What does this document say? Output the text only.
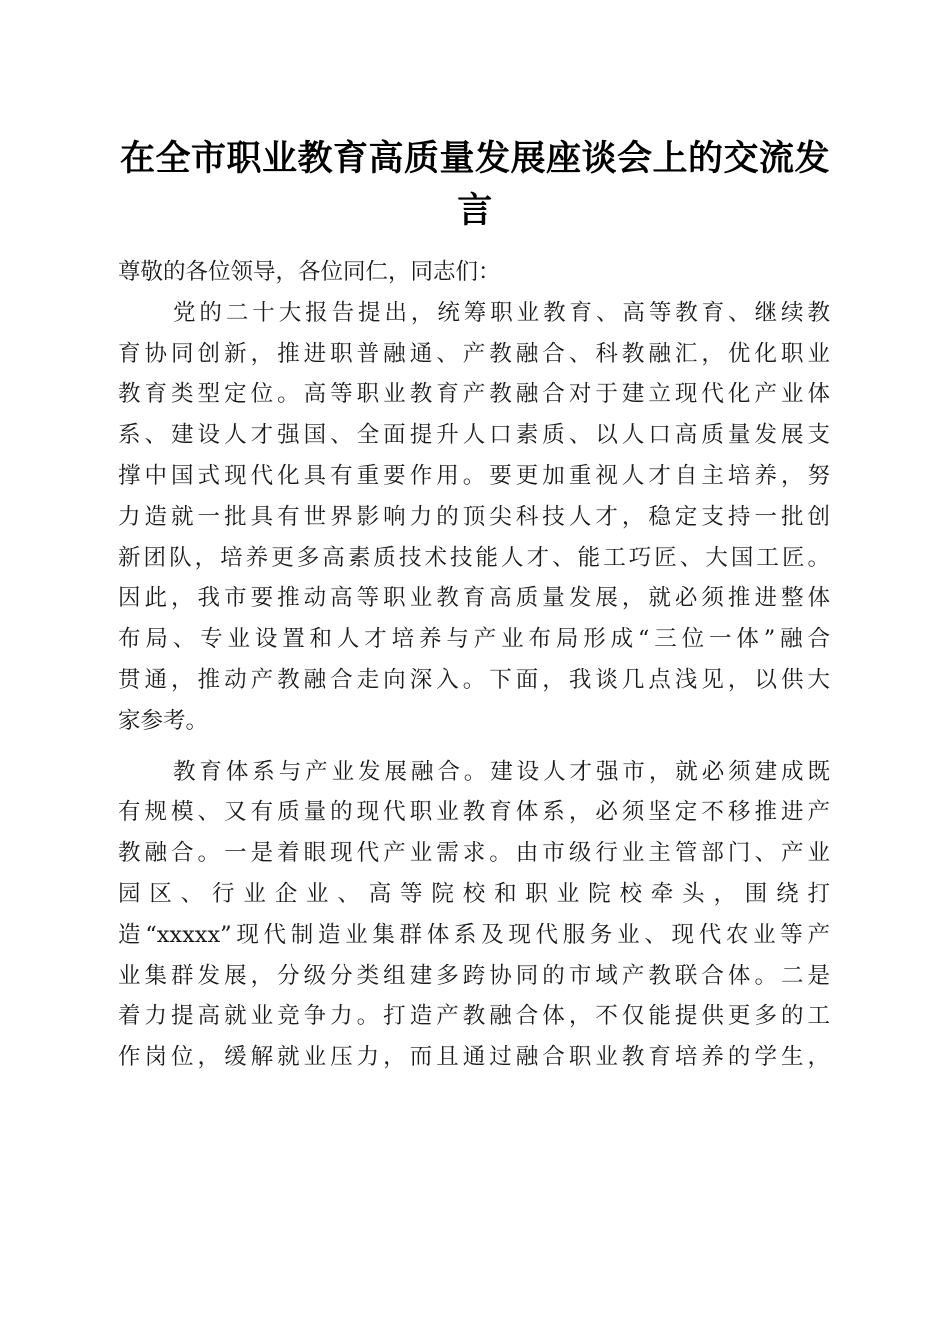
在全市职业教育高质量发展座谈会上的交流发
言
尊敬的各位领导，各位同仁，同志们：
党的二十大报告提出，统筹职业教育、高等教育、继续教
育协同创新，推进职普融通、产教融合、科教融汇，优化职业
教育类型定位。高等职业教育产教融合对于建立现代化产业体
系、建设人才强国、全面提升人口素质、以人口高质量发展支
撑中国式现代化具有重要作用。要更加重视人才自主培养，努
力造就一批具有世界影响力的顶尖科技人才，稳定支持一批创
新团队，培养更多高素质技术技能人才、能工巧匠、大国工匠。
因此，我市要推动高等职业教育高质量发展，就必须推进整体
布局、专业设置和人才培养与产业布局形成“三位一体”融合
贯通，推动产教融合走向深入。下面，我谈几点浅见，以供大
家参考。
教育体系与产业发展融合。建设人才强市，就必须建成既
有规模、又有质量的现代职业教育体系，必须坚定不移推进产
教融合。一是着眼现代产业需求。由市级行业主管部门、产业
园区、行业企业、高等院校和职业院校牵头，围绕打
造“xxxxx”现代制造业集群体系及现代服务业、现代农业等产
业集群发展，分级分类组建多跨协同的市域产教联合体。二是
着力提高就业竞争力。打造产教融合体，不仅能提供更多的工
作岗位，缓解就业压力，而且通过融合职业教育培养的学生，
